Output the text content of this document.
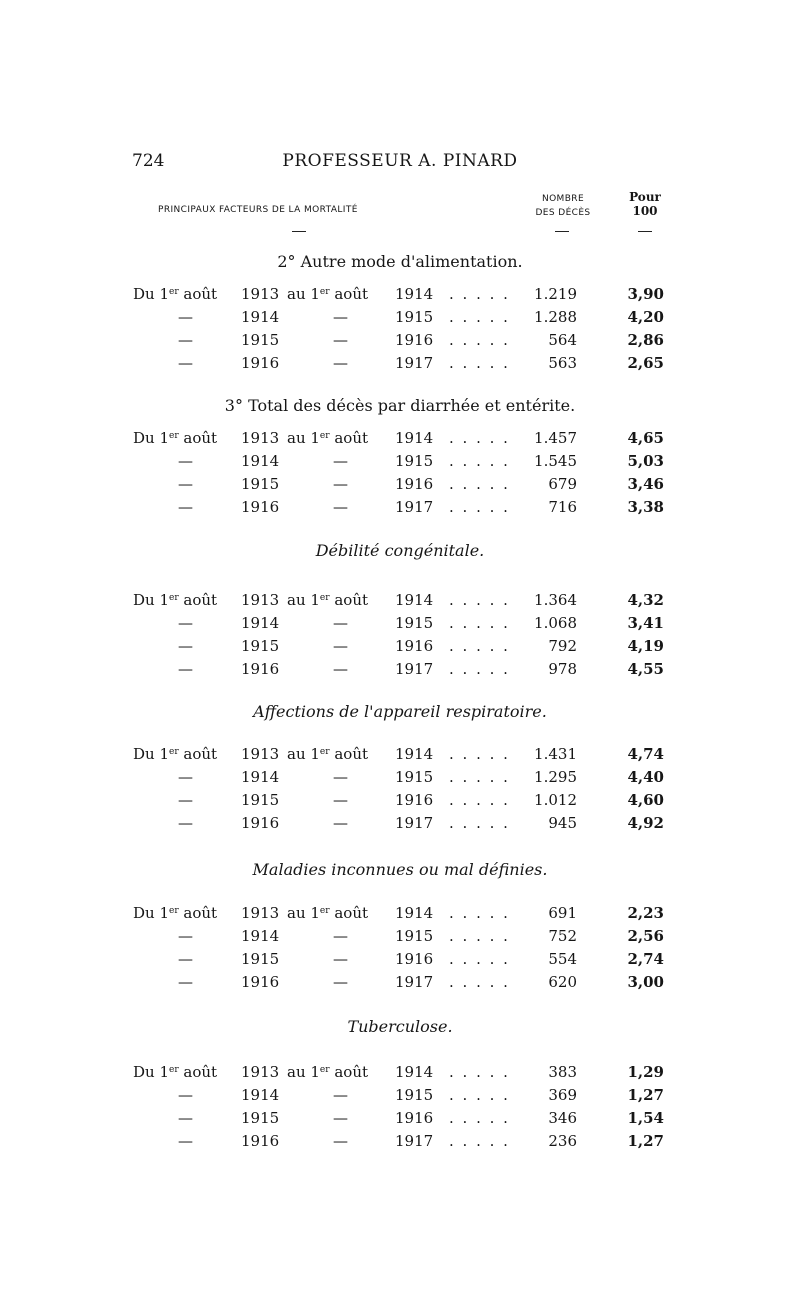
724	PROFESSEUR A. PINARD
PRINCIPAUX FACTEURS DE LA MORTALITÉ
NOMBRE
DES DÉCÈS
Pour
100
2° Autre mode d'alimentation.
Du 1er août 1913 au 1er août 1914 . . . . .	1.219	3,90
—	1914	—	1915 . . . . .	1.288	4,20
—	1915	—	1916 . . . . .	564	2,86
—	1916	—	1917 . . . . .	563	2,65
3° Total des décès par diarrhée et entérite.
Du 1er août 1913 au 1er août 1914 . . . . .	1.457	4,65
—	1914	—	1915 . . . . .	1.545	5,03
—	1915	—	1916 . . . . .	679	3,46
—	1916	—	1917 . . . . .	716	3,38
Débilité congénitale.
Du 1er août 1913 au 1er août 1914 . . . . .	1.364	4,32
—	1914	—	1915 . . . . .	1.068	3,41
—	1915	—	1916 . . . . .	792	4,19
—	1916	—	1917 . . . . .	978	4,55
Affections de l'appareil respiratoire.
Du 1er août 1913 au 1er août 1914 . . . . .	1.431	4,74
—	1914	—	1915 . . . . .	1.295	4,40
—	1915	—	1916 . . . . .	1.012	4,60
—	1916	—	1917 . . . . .	945	4,92
Maladies inconnues ou mal définies.
Du 1er août 1913 au 1er août 1914 . . . . .	691	2,23
—	1914	—	1915 . . . . .	752	2,56
—	1915	—	1916 . . . . .	554	2,74
—	1916	—	1917 . . . . .	620	3,00
Tuberculose.
Du 1er août 1913 au 1er août 1914 . . . . .	383	1,29
—	1914	—	1915 . . . . .	369	1,27
—	1915	—	1916 . . . . .	346	1,54
—	1916	—	1917 . . . . .	236	1,27
